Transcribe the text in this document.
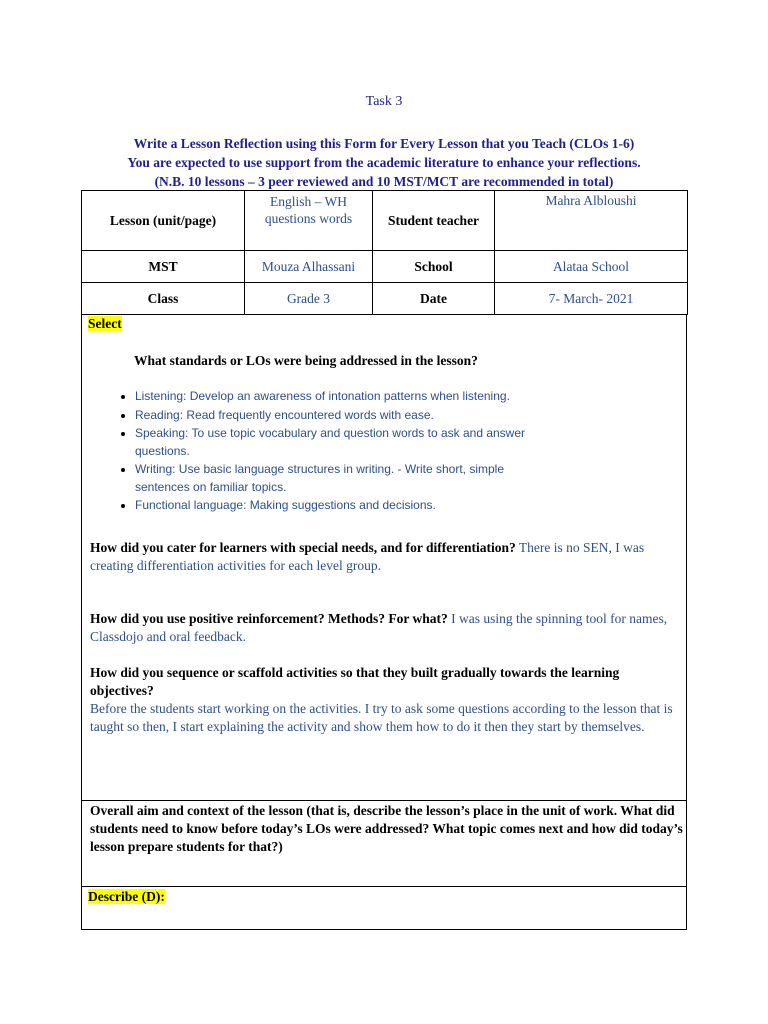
Task 3
Write a Lesson Reflection using this Form for Every Lesson that you Teach (CLOs 1-6)
You are expected to use support from the academic literature to enhance your reflections.
(N.B. 10 lessons – 3 peer reviewed and 10 MST/MCT are recommended in total)
Lesson (unit/page)	English – WH questions words	Student teacher	Mahra Albloushi
MST	Mouza Alhassani	School	Alataa School
Class	Grade 3	Date	7- March- 2021
Select
What standards or LOs were being addressed in the lesson?
• Listening: Develop an awareness of intonation patterns when listening.
• Reading: Read frequently encountered words with ease.
• Speaking: To use topic vocabulary and question words to ask and answer questions.
• Writing: Use basic language structures in writing. - Write short, simple sentences on familiar topics.
• Functional language: Making suggestions and decisions.
How did you cater for learners with special needs, and for differentiation? There is no SEN, I was creating differentiation activities for each level group.
How did you use positive reinforcement? Methods? For what? I was using the spinning tool for names, Classdojo and oral feedback.
How did you sequence or scaffold activities so that they built gradually towards the learning objectives?
Before the students start working on the activities. I try to ask some questions according to the lesson that is taught so then, I start explaining the activity and show them how to do it then they start by themselves.
Overall aim and context of the lesson (that is, describe the lesson’s place in the unit of work. What did students need to know before today’s LOs were addressed? What topic comes next and how did today’s lesson prepare students for that?)
Describe (D):
